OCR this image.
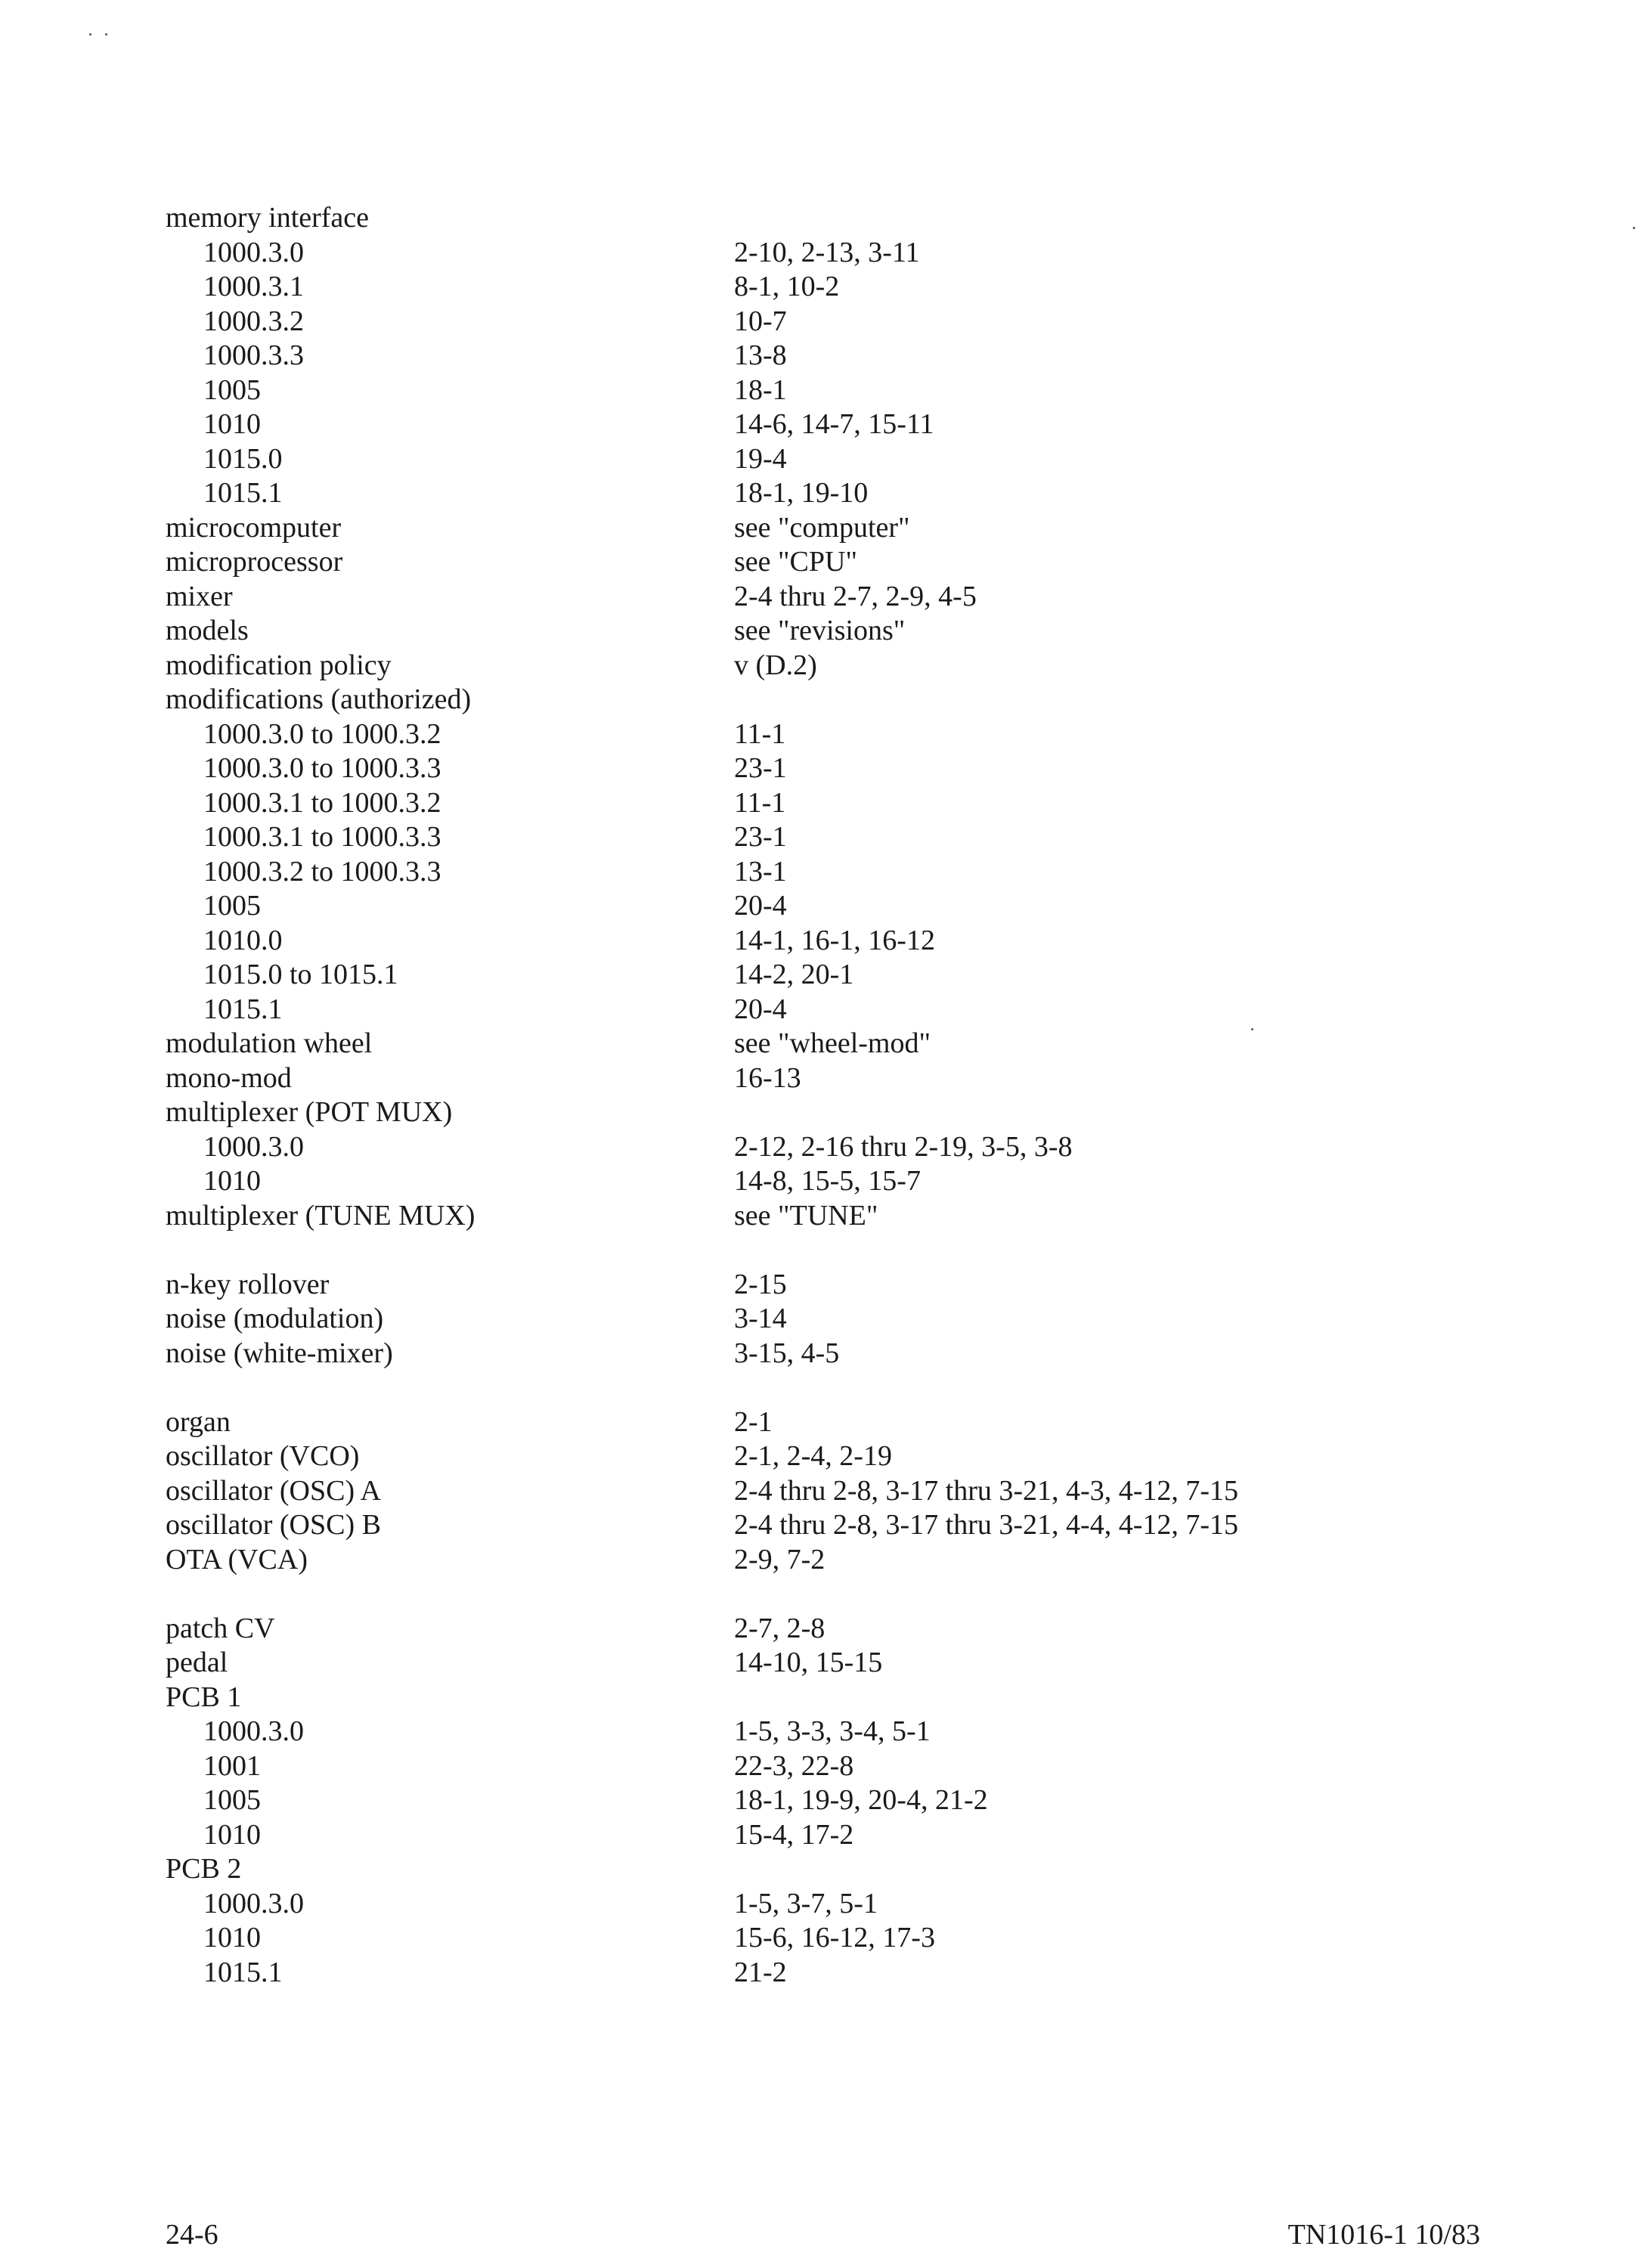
memory interface
1000.3.0	2-10, 2-13, 3-11
1000.3.1	8-1, 10-2
1000.3.2	10-7
1000.3.3	13-8
1005	18-1
1010	14-6, 14-7, 15-11
1015.0	19-4
1015.1	18-1, 19-10
microcomputer	see "computer"
microprocessor	see "CPU"
mixer	2-4 thru 2-7, 2-9, 4-5
models	see "revisions"
modification policy	v (D.2)
modifications (authorized)
1000.3.0 to 1000.3.2	11-1
1000.3.0 to 1000.3.3	23-1
1000.3.1 to 1000.3.2	11-1
1000.3.1 to 1000.3.3	23-1
1000.3.2 to 1000.3.3	13-1
1005	20-4
1010.0	14-1, 16-1, 16-12
1015.0 to 1015.1	14-2, 20-1
1015.1	20-4
modulation wheel	see "wheel-mod"
mono-mod	16-13
multiplexer (POT MUX)
1000.3.0	2-12, 2-16 thru 2-19, 3-5, 3-8
1010	14-8, 15-5, 15-7
multiplexer (TUNE MUX)	see "TUNE"
n-key rollover	2-15
noise (modulation)	3-14
noise (white-mixer)	3-15, 4-5
organ	2-1
oscillator (VCO)	2-1, 2-4, 2-19
oscillator (OSC) A	2-4 thru 2-8, 3-17 thru 3-21, 4-3, 4-12, 7-15
oscillator (OSC) B	2-4 thru 2-8, 3-17 thru 3-21, 4-4, 4-12, 7-15
OTA (VCA)	2-9, 7-2
patch CV	2-7, 2-8
pedal	14-10, 15-15
PCB 1
1000.3.0	1-5, 3-3, 3-4, 5-1
1001	22-3, 22-8
1005	18-1, 19-9, 20-4, 21-2
1010	15-4, 17-2
PCB 2
1000.3.0	1-5, 3-7, 5-1
1010	15-6, 16-12, 17-3
1015.1	21-2
24-6	TN1016-1 10/83
